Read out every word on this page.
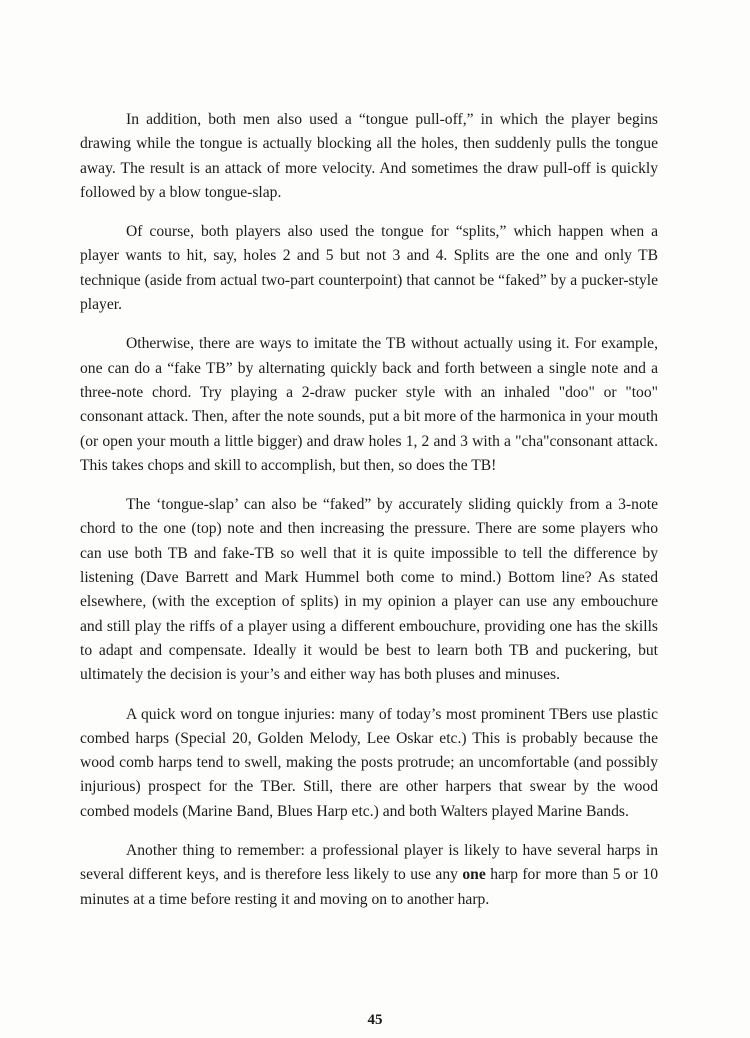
In addition, both men also used a “tongue pull-off,” in which the player begins drawing while the tongue is actually blocking all the holes, then suddenly pulls the tongue away. The result is an attack of more velocity. And sometimes the draw pull-off is quickly followed by a blow tongue-slap.

Of course, both players also used the tongue for “splits,” which happen when a player wants to hit, say, holes 2 and 5 but not 3 and 4. Splits are the one and only TB technique (aside from actual two-part counterpoint) that cannot be “faked” by a pucker-style player.

Otherwise, there are ways to imitate the TB without actually using it. For example, one can do a “fake TB” by alternating quickly back and forth between a single note and a three-note chord. Try playing a 2-draw pucker style with an inhaled "doo" or "too" consonant attack. Then, after the note sounds, put a bit more of the harmonica in your mouth (or open your mouth a little bigger) and draw holes 1, 2 and 3 with a "cha"consonant attack. This takes chops and skill to accomplish, but then, so does the TB!

The ‘tongue-slap’ can also be “faked” by accurately sliding quickly from a 3-note chord to the one (top) note and then increasing the pressure. There are some players who can use both TB and fake-TB so well that it is quite impossible to tell the difference by listening (Dave Barrett and Mark Hummel both come to mind.) Bottom line? As stated elsewhere, (with the exception of splits) in my opinion a player can use any embouchure and still play the riffs of a player using a different embouchure, providing one has the skills to adapt and compensate. Ideally it would be best to learn both TB and puckering, but ultimately the decision is your’s and either way has both pluses and minuses.

A quick word on tongue injuries: many of today’s most prominent TBers use plastic combed harps (Special 20, Golden Melody, Lee Oskar etc.) This is probably because the wood comb harps tend to swell, making the posts protrude; an uncomfortable (and possibly injurious) prospect for the TBer. Still, there are other harpers that swear by the wood combed models (Marine Band, Blues Harp etc.) and both Walters played Marine Bands.

Another thing to remember: a professional player is likely to have several harps in several different keys, and is therefore less likely to use any one harp for more than 5 or 10 minutes at a time before resting it and moving on to another harp.

45
